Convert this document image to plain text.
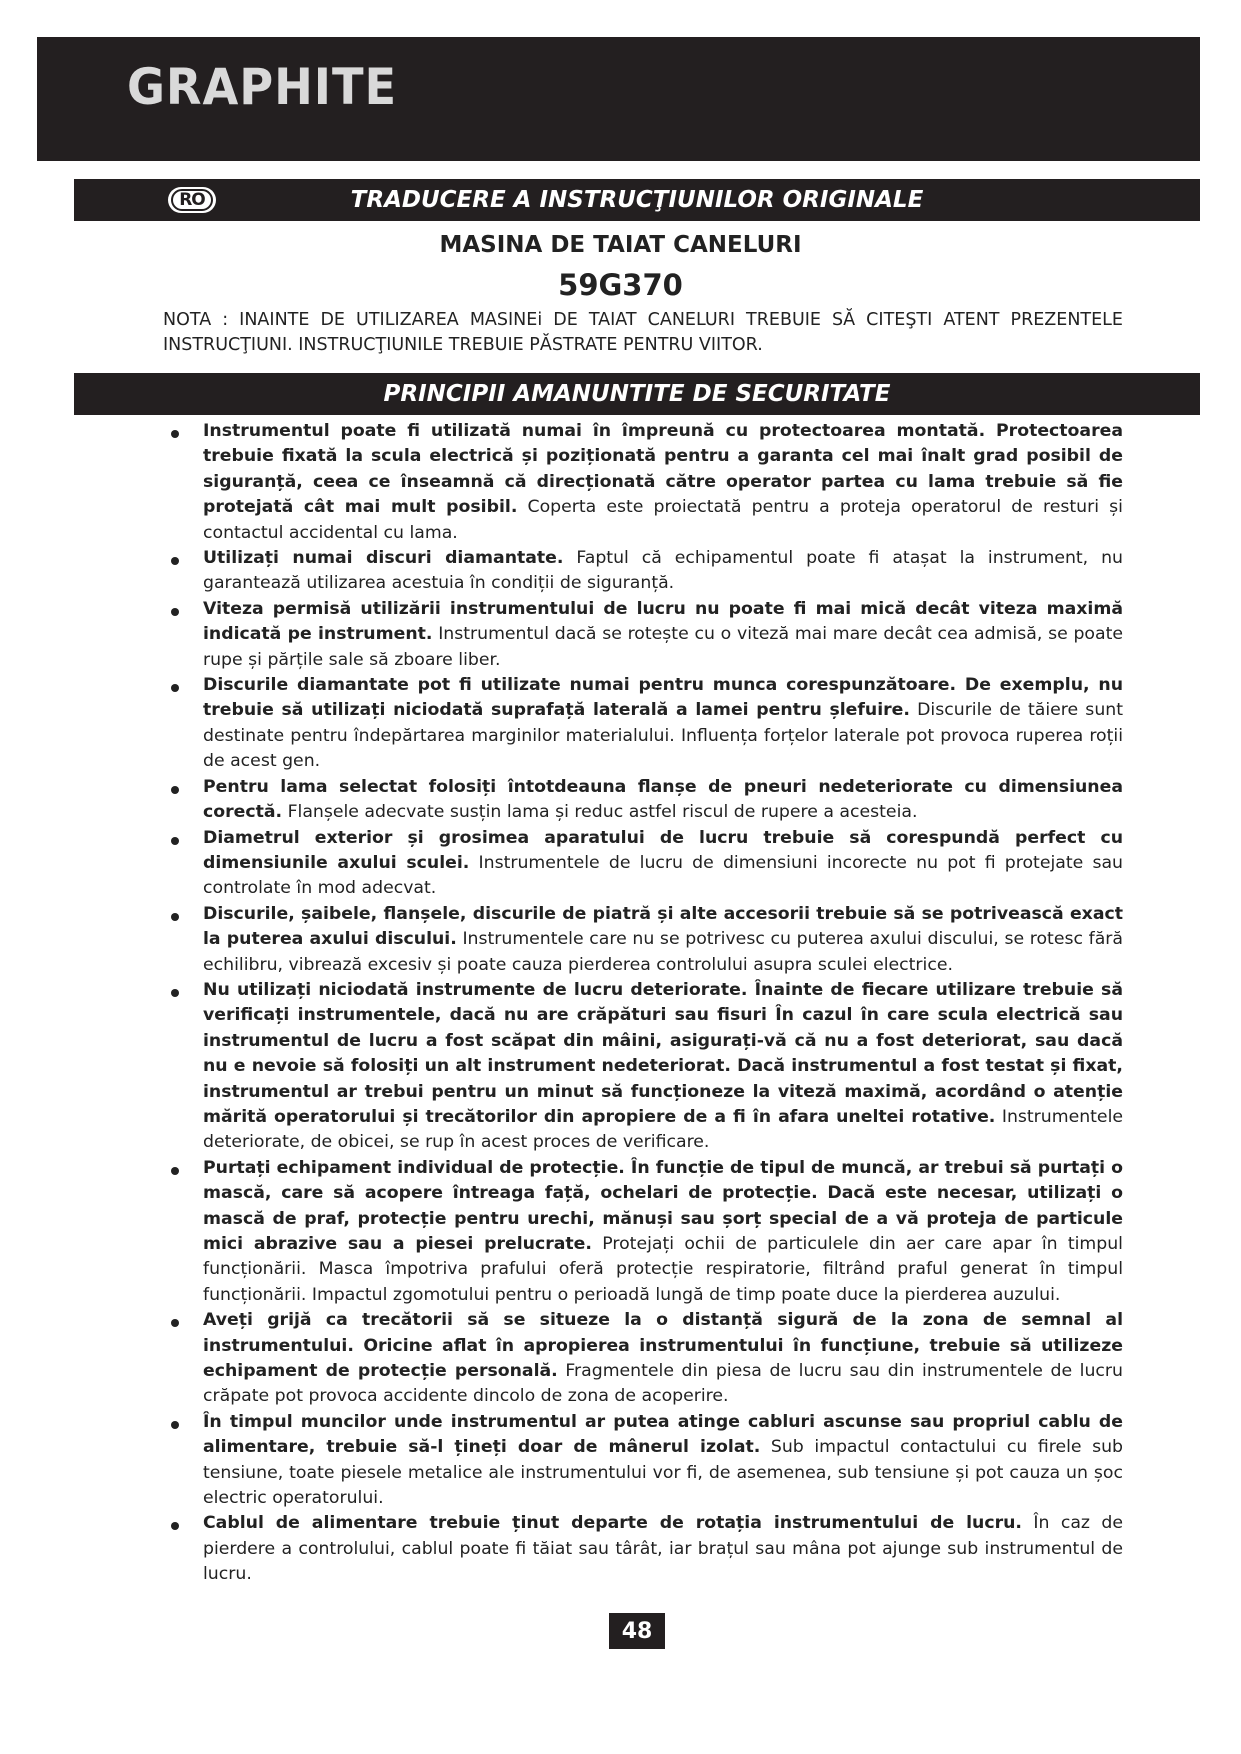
GRAPHITE
RO	TRADUCERE A INSTRUCŢIUNILOR ORIGINALE
MASINA DE TAIAT CANELURI
59G370
NOTA : INAINTE DE UTILIZAREA MASINEi DE TAIAT CANELURI TREBUIE SĂ CITEŞTI ATENT PREZENTELE INSTRUCŢIUNI. INSTRUCŢIUNILE TREBUIE PĂSTRATE PENTRU VIITOR.
PRINCIPII AMANUNTITE DE SECURITATE
Instrumentul poate fi utilizată numai în împreună cu protectoarea montată. Protectoarea trebuie fixată la scula electrică și poziționată pentru a garanta cel mai înalt grad posibil de siguranță, ceea ce înseamnă că direcționată către operator partea cu lama trebuie să fie protejată cât mai mult posibil. Coperta este proiectată pentru a proteja operatorul de resturi și contactul accidental cu lama.
Utilizați numai discuri diamantate. Faptul că echipamentul poate fi atașat la instrument, nu garantează utilizarea acestuia în condiții de siguranță.
Viteza permisă utilizării instrumentului de lucru nu poate fi mai mică decât viteza maximă indicată pe instrument. Instrumentul dacă se rotește cu o viteză mai mare decât cea admisă, se poate rupe și părțile sale să zboare liber.
Discurile diamantate pot fi utilizate numai pentru munca corespunzătoare. De exemplu, nu trebuie să utilizați niciodată suprafață laterală a lamei pentru șlefuire. Discurile de tăiere sunt destinate pentru îndepărtarea marginilor materialului. Influența forțelor laterale pot provoca ruperea roții de acest gen.
Pentru lama selectat folosiți întotdeauna flanșe de pneuri nedeteriorate cu dimensiunea corectă. Flanșele adecvate susțin lama și reduc astfel riscul de rupere a acesteia.
Diametrul exterior și grosimea aparatului de lucru trebuie să corespundă perfect cu dimensiunile axului sculei. Instrumentele de lucru de dimensiuni incorecte nu pot fi protejate sau controlate în mod adecvat.
Discurile, șaibele, flanșele, discurile de piatră și alte accesorii trebuie să se potrivească exact la puterea axului discului. Instrumentele care nu se potrivesc cu puterea axului discului, se rotesc fără echilibru, vibrează excesiv și poate cauza pierderea controlului asupra sculei electrice.
Nu utilizați niciodată instrumente de lucru deteriorate. Înainte de fiecare utilizare trebuie să verificați instrumentele, dacă nu are crăpături sau fisuri În cazul în care scula electrică sau instrumentul de lucru a fost scăpat din mâini, asigurați-vă că nu a fost deteriorat, sau dacă nu e nevoie să folosiți un alt instrument nedeteriorat. Dacă instrumentul a fost testat și fixat, instrumentul ar trebui pentru un minut să funcționeze la viteză maximă, acordând o atenție mărită operatorului și trecătorilor din apropiere de a fi în afara uneltei rotative. Instrumentele deteriorate, de obicei, se rup în acest proces de verificare.
Purtați echipament individual de protecție. În funcție de tipul de muncă, ar trebui să purtați o mască, care să acopere întreaga față, ochelari de protecție. Dacă este necesar, utilizați o mască de praf, protecție pentru urechi, mănuși sau șorț special de a vă proteja de particule mici abrazive sau a piesei prelucrate. Protejați ochii de particulele din aer care apar în timpul funcționării. Masca împotriva prafului oferă protecție respiratorie, filtrând praful generat în timpul funcționării. Impactul zgomotului pentru o perioadă lungă de timp poate duce la pierderea auzului.
Aveți grijă ca trecătorii să se situeze la o distanță sigură de la zona de semnal al instrumentului. Oricine aflat în apropierea instrumentului în funcțiune, trebuie să utilizeze echipament de protecție personală. Fragmentele din piesa de lucru sau din instrumentele de lucru crăpate pot provoca accidente dincolo de zona de acoperire.
În timpul muncilor unde instrumentul ar putea atinge cabluri ascunse sau propriul cablu de alimentare, trebuie să-l țineți doar de mânerul izolat. Sub impactul contactului cu firele sub tensiune, toate piesele metalice ale instrumentului vor fi, de asemenea, sub tensiune și pot cauza un șoc electric operatorului.
Cablul de alimentare trebuie ținut departe de rotația instrumentului de lucru. În caz de pierdere a controlului, cablul poate fi tăiat sau târât, iar brațul sau mâna pot ajunge sub instrumentul de lucru.
48
